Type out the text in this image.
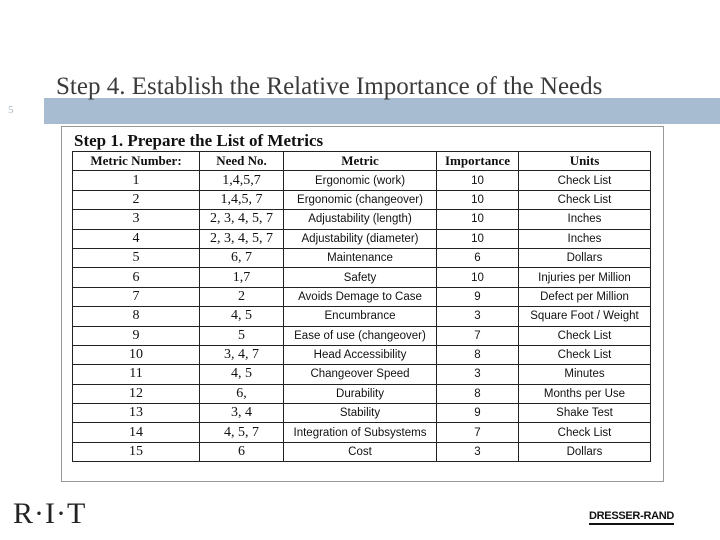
5
Step 4. Establish the Relative Importance of the Needs
Step 1. Prepare the List of Metrics
Metric Number:	Need No.	Metric	Importance	Units
1	1,4,5,7	Ergonomic (work)	10	Check List
2	1,4,5, 7	Ergonomic (changeover)	10	Check List
3	2, 3, 4, 5, 7	Adjustability (length)	10	Inches
4	2, 3, 4, 5, 7	Adjustability (diameter)	10	Inches
5	6, 7	Maintenance	6	Dollars
6	1,7	Safety	10	Injuries per Million
7	2	Avoids Demage to Case	9	Defect per Million
8	4, 5	Encumbrance	3	Square Foot / Weight
9	5	Ease of use (changeover)	7	Check List
10	3, 4, 7	Head Accessibility	8	Check List
11	4, 5	Changeover Speed	3	Minutes
12	6,	Durability	8	Months per Use
13	3, 4	Stability	9	Shake Test
14	4, 5, 7	Integration of Subsystems	7	Check List
15	6	Cost	3	Dollars
R·I·T	DRESSER-RAND
